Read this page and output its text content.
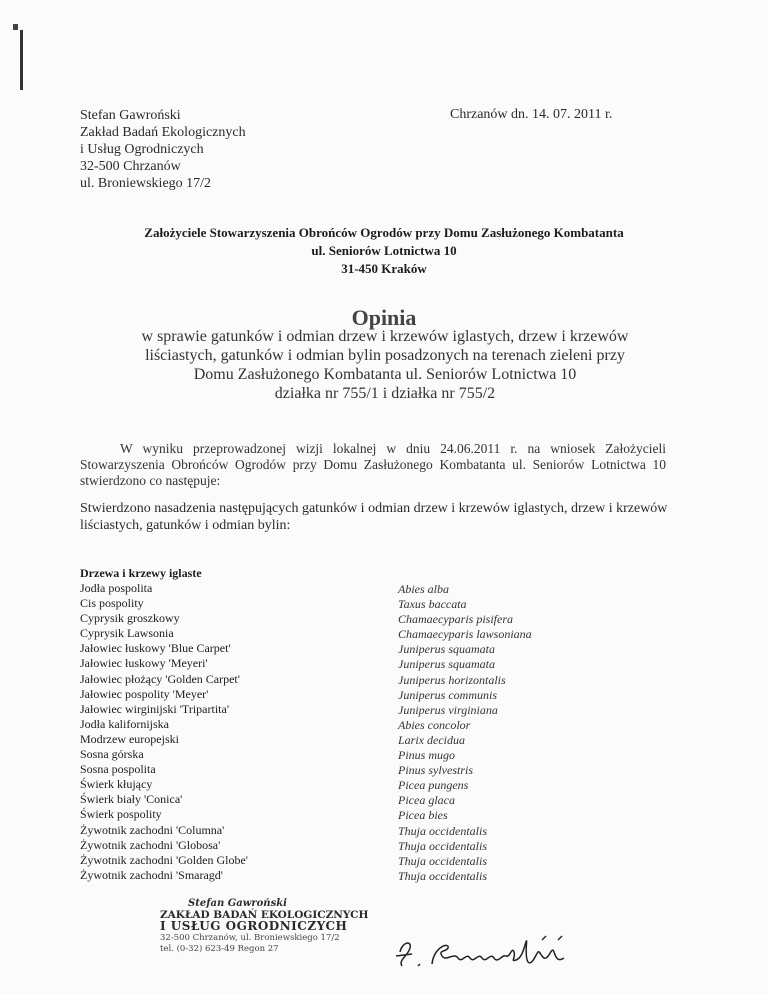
Stefan Gawroński
Zakład Badań Ekologicznych
i Usług Ogrodniczych
32-500 Chrzanów
ul. Broniewskiego 17/2
Chrzanów dn. 14. 07. 2011 r.
Założyciele Stowarzyszenia Obrońców Ogrodów przy Domu Zasłużonego Kombatanta
ul. Seniorów Lotnictwa 10
31-450 Kraków
Opinia
w sprawie gatunków i odmian drzew i krzewów iglastych, drzew i krzewów
liściastych, gatunków i odmian bylin posadzonych na terenach zieleni przy
Domu Zasłużonego Kombatanta ul. Seniorów Lotnictwa 10
działka nr 755/1 i działka nr 755/2
W wyniku przeprowadzonej wizji lokalnej w dniu 24.06.2011 r. na wniosek Założycieli Stowarzyszenia Obrońców Ogrodów przy Domu Zasłużonego Kombatanta ul. Seniorów Lotnictwa 10 stwierdzono co następuje:
Stwierdzono nasadzenia następujących gatunków i odmian drzew i krzewów iglastych, drzew i krzewów liściastych, gatunków i odmian bylin:
Drzewa i krzewy iglaste
Jodła pospolita
Cis pospolity
Cyprysik groszkowy
Cyprysik Lawsonia
Jałowiec łuskowy 'Blue Carpet'
Jałowiec łuskowy 'Meyeri'
Jałowiec płożący 'Golden Carpet'
Jałowiec pospolity 'Meyer'
Jałowiec wirginijski 'Tripartita'
Jodła kalifornijska
Modrzew europejski
Sosna górska
Sosna pospolita
Świerk kłujący
Świerk biały 'Conica'
Świerk pospolity
Żywotnik zachodni 'Columna'
Żywotnik zachodni 'Globosa'
Żywotnik zachodni 'Golden Globe'
Żywotnik zachodni 'Smaragd'
Abies alba
Taxus baccata
Chamaecyparis pisifera
Chamaecyparis lawsoniana
Juniperus squamata
Juniperus squamata
Juniperus horizontalis
Juniperus communis
Juniperus virginiana
Abies concolor
Larix decidua
Pinus mugo
Pinus sylvestris
Picea pungens
Picea glaca
Picea bies
Thuja occidentalis
Thuja occidentalis
Thuja occidentalis
Thuja occidentalis
Stefan Gawroński
ZAKŁAD BADAŃ EKOLOGICZNYCH
I USŁUG OGRODNICZYCH
32-500 Chrzanów, ul. Broniewskiego 17/2
tel. (0-32) 623-49 Regon 27
